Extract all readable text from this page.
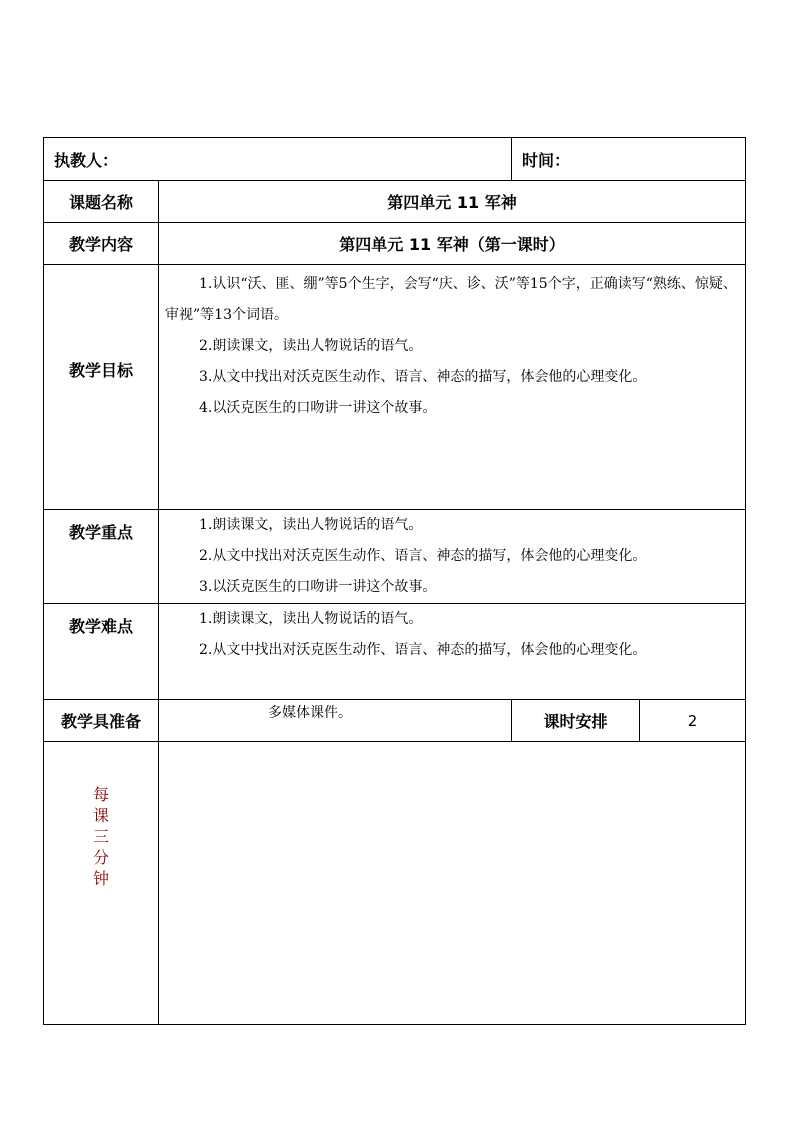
执教人：		时间：	
课题名称	第四单元 11 军神		
教学内容	第四单元 11 军神（第一课时）		
教学目标	1.认识“沃、匪、绷”等5个生字，会写“庆、诊、沃”等15个字，正确读写“熟练、惊疑、审视”等13个词语。

2.朗读课文，读出人物说话的语气。

3.从文中找出对沃克医生动作、语言、神态的描写，体会他的心理变化。

4.以沃克医生的口吻讲一讲这个故事。		

教学重点	1.朗读课文，读出人物说话的语气。

2.从文中找出对沃克医生动作、语言、神态的描写，体会他的心理变化。

3.以沃克医生的口吻讲一讲这个故事。		

教学难点	1.朗读课文，读出人物说话的语气。

2.从文中找出对沃克医生动作、语言、神态的描写，体会他的心理变化。		

教学具准备	多媒体课件。	课时安排	2

每
课
三
分
钟			
